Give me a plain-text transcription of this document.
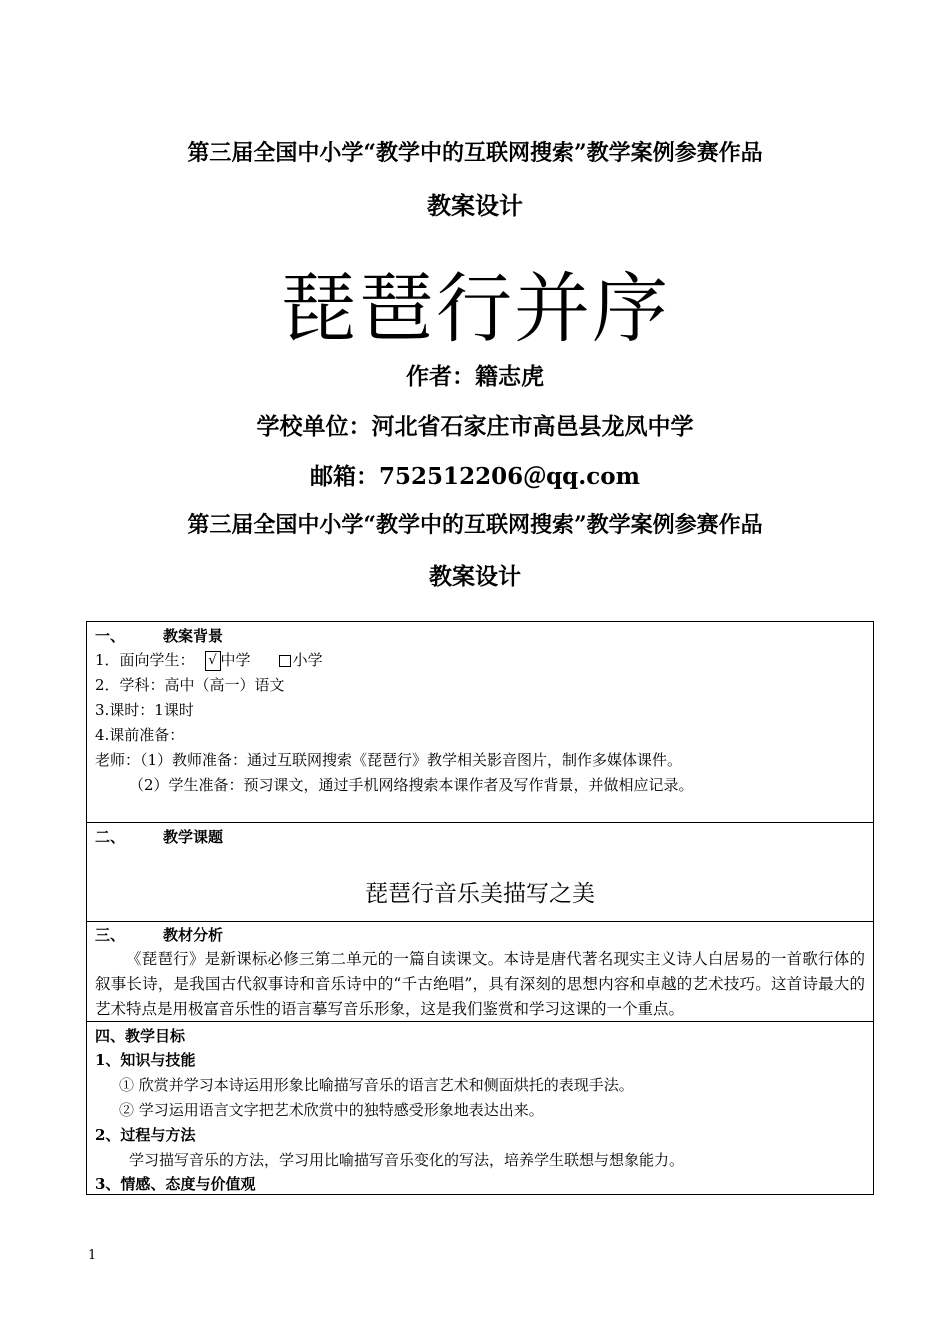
第三届全国中小学“教学中的互联网搜索”教学案例参赛作品
教案设计
琵琶行并序
作者：籍志虎
学校单位：河北省石家庄市高邑县龙凤中学
邮箱：752512206＠qq.com
第三届全国中小学“教学中的互联网搜索”教学案例参赛作品
教案设计
一、	教案背景
1．面向学生： √ 中学	小学
2．学科：高中（高一）语文
3.课时：1课时
4.课前准备：
老师：（1）教师准备：通过互联网搜索《琵琶行》教学相关影音图片，制作多媒体课件。
（2）学生准备：预习课文，通过手机网络搜索本课作者及写作背景，并做相应记录。
二、	教学课题
琵琶行音乐美描写之美
三、	教材分析
《琵琶行》是新课标必修三第二单元的一篇自读课文。本诗是唐代著名现实主义诗人白居易的一首歌行体的叙事长诗，是我国古代叙事诗和音乐诗中的“千古绝唱”，具有深刻的思想内容和卓越的艺术技巧。这首诗最大的艺术特点是用极富音乐性的语言摹写音乐形象，这是我们鉴赏和学习这课的一个重点。
四、教学目标
1、知识与技能
① 欣赏并学习本诗运用形象比喻描写音乐的语言艺术和侧面烘托的表现手法。
② 学习运用语言文字把艺术欣赏中的独特感受形象地表达出来。
2、过程与方法
学习描写音乐的方法，学习用比喻描写音乐变化的写法，培养学生联想与想象能力。
3、情感、态度与价值观
1
